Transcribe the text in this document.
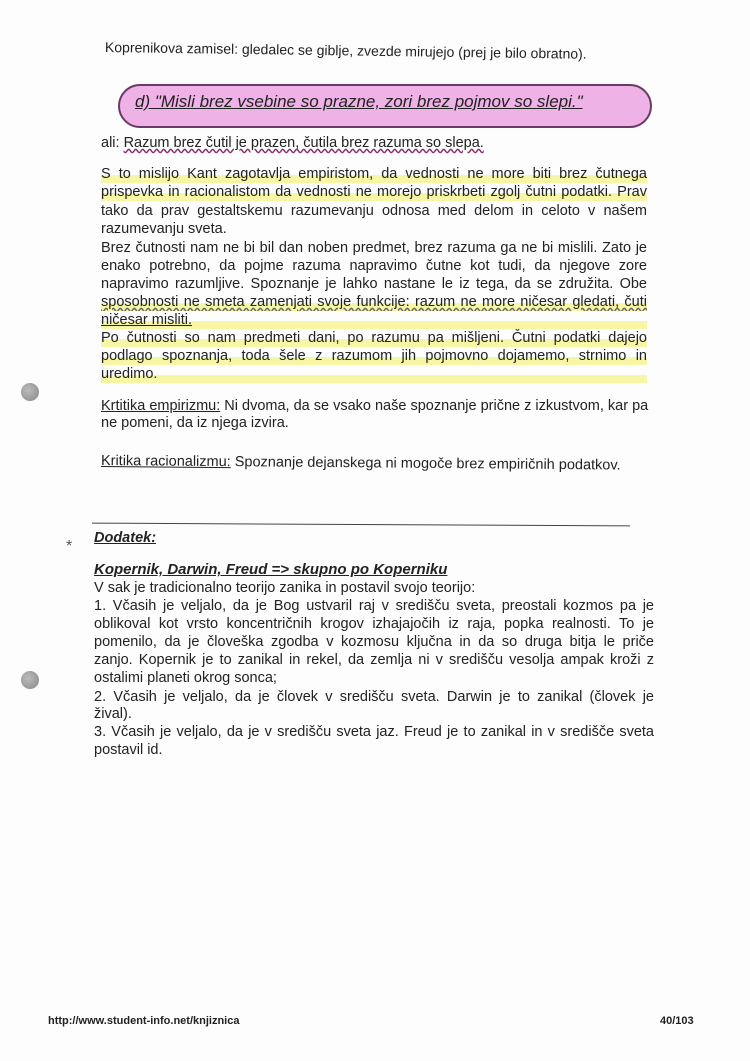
Koprenikova zamisel: gledalec se giblje, zvezde mirujejo (prej je bilo obratno).
d) "Misli brez vsebine so prazne, zori brez pojmov so slepi."
ali: Razum brez čutil je prazen, čutila brez razuma so slepa.
S to mislijo Kant zagotavlja empiristom, da vednosti ne more biti brez čutnega
prispevka in racionalistom da vednosti ne morejo priskrbeti zgolj čutni podatki. Prav
tako da prav gestaltskemu razumevanju odnosa med delom in celoto v našem
razumevanju sveta.
Brez čutnosti nam ne bi bil dan noben predmet, brez razuma ga ne bi mislili. Zato je
enako potrebno, da pojme razuma napravimo čutne kot tudi, da njegove zore
napravimo razumljive. Spoznanje je lahko nastane le iz tega, da se združita. Obe
sposobnosti ne smeta zamenjati svoje funkcije: razum ne more ničesar gledati, čuti
ničesar misliti.
Po čutnosti so nam predmeti dani, po razumu pa mišljeni. Čutni podatki dajejo
podlago spoznanja, toda šele z razumom jih pojmovno dojamemo, strnimo in
uredimo.
Krtitika empirizmu: Ni dvoma, da se vsako naše spoznanje prične z izkustvom, kar pa
ne pomeni, da iz njega izvira.
Kritika racionalizmu: Spoznanje dejanskega ni mogoče brez empiričnih podatkov.
Dodatek:
*
Kopernik, Darwin, Freud => skupno po Koperniku
V sak je tradicionalno teorijo zanika in postavil svojo teorijo:
1. Včasih je veljalo, da je Bog ustvaril raj v središču sveta, preostali kozmos pa je
oblikoval kot vrsto koncentričnih krogov izhajajočih iz raja, popka realnosti. To je
pomenilo, da je človeška zgodba v kozmosu ključna in da so druga bitja le priče
zanjo. Kopernik je to zanikal in rekel, da zemlja ni v središču vesolja ampak kroži z
ostalimi planeti okrog sonca;
2. Včasih je veljalo, da je človek v središču sveta. Darwin je to zanikal (človek je
žival).
3. Včasih je veljalo, da je v središču sveta jaz. Freud je to zanikal in v središče sveta
postavil id.
http://www.student-info.net/knjiznica	40/103
